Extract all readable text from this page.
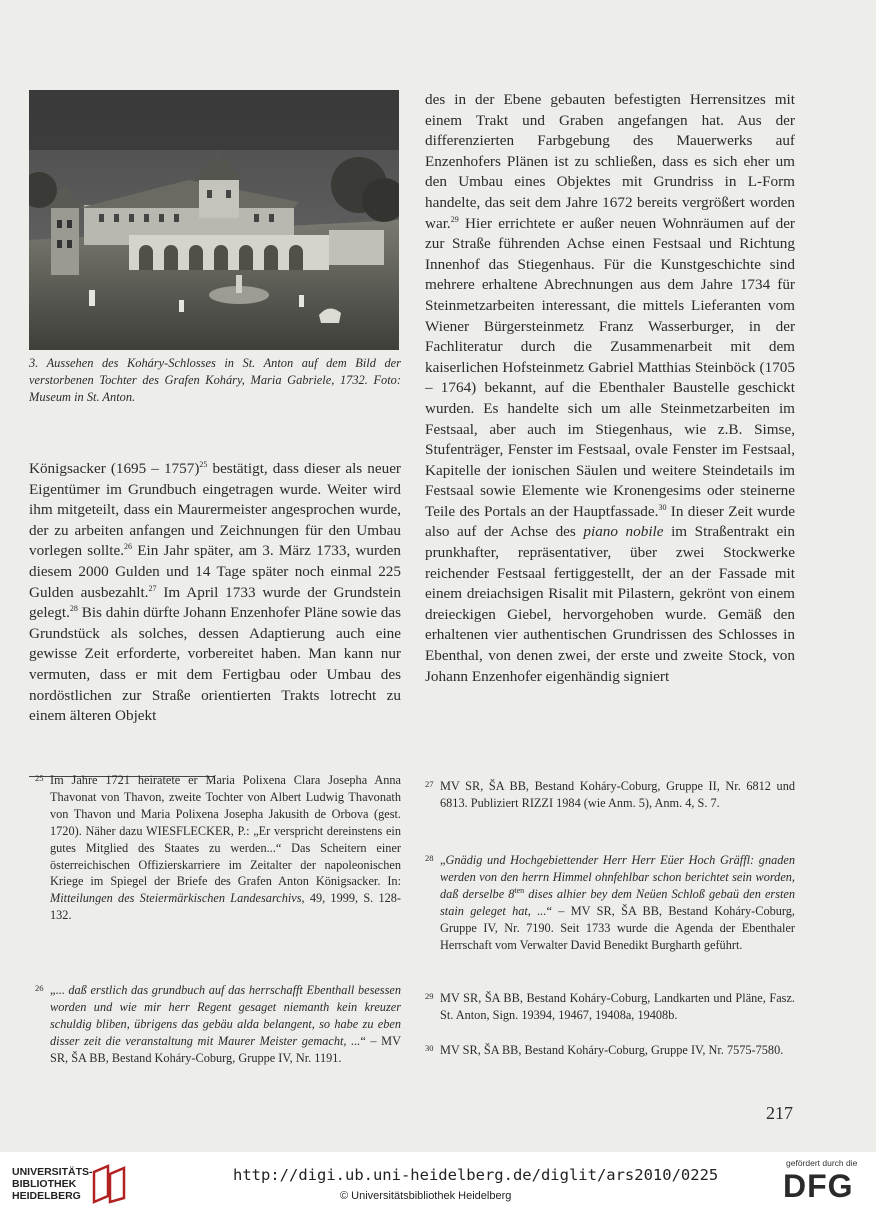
3. Aussehen des Koháry-Schlosses in St. Anton auf dem Bild der verstorbenen Tochter des Grafen Koháry, Maria Gabriele, 1732. Foto: Museum in St. Anton.

Königsacker (1695 – 1757)$^{25}$ bestätigt, dass dieser als neuer Eigentümer im Grundbuch eingetragen wurde. Weiter wird ihm mitgeteilt, dass ein Maurermeister angesprochen wurde, der zu arbeiten anfangen und Zeichnungen für den Umbau vorlegen sollte.$^{26}$ Ein Jahr später, am 3. März 1733, wurden diesem 2000 Gulden und 14 Tage später noch einmal 225 Gulden ausbezahlt.$^{27}$ Im April 1733 wurde der Grundstein gelegt.$^{28}$ Bis dahin dürfte Johann Enzenhofer Pläne sowie das Grundstück als solches, dessen Adaptierung auch eine gewisse Zeit erforderte, vorbereitet haben. Man kann nur vermuten, dass er mit dem Fertigbau oder Umbau des nordöstlichen zur Straße orientierten Trakts lotrecht zu einem älteren Objekt

des in der Ebene gebauten befestigten Herrensitzes mit einem Trakt und Graben angefangen hat. Aus der differenzierten Farbgebung des Mauerwerks auf Enzenhofers Plänen ist zu schließen, dass es sich eher um den Umbau eines Objektes mit Grundriss in L-Form handelte, das seit dem Jahre 1672 bereits vergrößert worden war.$^{29}$ Hier errichtete er außer neuen Wohnräumen auf der zur Straße führenden Achse einen Festsaal und Richtung Innenhof das Stiegenhaus. Für die Kunstgeschichte sind mehrere erhaltene Abrechnungen aus dem Jahre 1734 für Steinmetzarbeiten interessant, die mittels Lieferanten vom Wiener Bürgersteinmetz Franz Wasserburger, in der Fachliteratur durch die Zusammenarbeit mit dem kaiserlichen Hofsteinmetz Gabriel Matthias Steinböck (1705 – 1764) bekannt, auf die Ebenthaler Baustelle geschickt wurden. Es handelte sich um alle Steinmetzarbeiten im Festsaal, aber auch im Stiegenhaus, wie z.B. Simse, Stufenträger, Fenster im Festsaal, ovale Fenster im Festsaal, Kapitelle der ionischen Säulen und weitere Steindetails im Festsaal sowie Elemente wie Kronengesims oder steinerne Teile des Portals an der Hauptfassade.$^{30}$ In dieser Zeit wurde also auf der Achse des piano nobile im Straßentrakt ein prunkhafter, repräsentativer, über zwei Stockwerke reichender Festsaal fertiggestellt, der an der Fassade mit einem dreiachsigen Risalit mit Pilastern, gekrönt von einem dreieckigen Giebel, hervorgehoben wurde. Gemäß den erhaltenen vier authentischen Grundrissen des Schlosses in Ebenthal, von denen zwei, der erste und zweite Stock, von Johann Enzenhofer eigenhändig signiert

25 Im Jahre 1721 heiratete er Maria Polixena Clara Josepha Anna Thavonat von Thavon, zweite Tochter von Albert Ludwig Thavonath von Thavon und Maria Polixena Josepha Jakusith de Orbova (gest. 1720). Näher dazu WIESFLECKER, P.: „Er verspricht dereinstens ein gutes Mitglied des Staates zu werden...“ Das Scheitern einer österreichischen Offizierskarriere im Zeitalter der napoleonischen Kriege im Spiegel der Briefe des Grafen Anton Königsacker. In: Mitteilungen des Steiermärkischen Landesarchivs, 49, 1999, S. 128-132.
26 „... daß erstlich das grundbuch auf das herrschafft Ebenthall besessen worden und wie mir herr Regent gesaget niemanth kein kreuzer schuldig bliben, übrigens das gebäu alda belangent, so habe zu eben disser zeit die veranstaltung mit Maurer Meister gemacht, ...“ – MV SR, ŠA BB, Bestand Koháry-Coburg, Gruppe IV, Nr. 1191.
27 MV SR, ŠA BB, Bestand Koháry-Coburg, Gruppe II, Nr. 6812 und 6813. Publiziert RIZZI 1984 (wie Anm. 5), Anm. 4, S. 7.
28 „Gnädig und Hochgebiettender Herr Herr Eüer Hoch Gräffl: gnaden werden von den herrn Himmel ohnfehlbar schon berichtet sein worden, daß derselbe $8^{ten}$ dises alhier bey dem Neüen Schloß gebaü den ersten stain geleget hat, ...“ – MV SR, ŠA BB, Bestand Koháry-Coburg, Gruppe IV, Nr. 7190. Seit 1733 wurde die Agenda der Ebenthaler Herrschaft vom Verwalter David Benedikt Burgharth geführt.
29 MV SR, ŠA BB, Bestand Koháry-Coburg, Landkarten und Pläne, Fasz. St. Anton, Sign. 19394, 19467, 19408a, 19408b.
30 MV SR, ŠA BB, Bestand Koháry-Coburg, Gruppe IV, Nr. 7575-7580.
217
UNIVERSITÄTS-
BIBLIOTHEK
HEIDELBERG
http://digi.ub.uni-heidelberg.de/diglit/ars2010/0225
© Universitätsbibliothek Heidelberg
gefördert durch die
DFG
